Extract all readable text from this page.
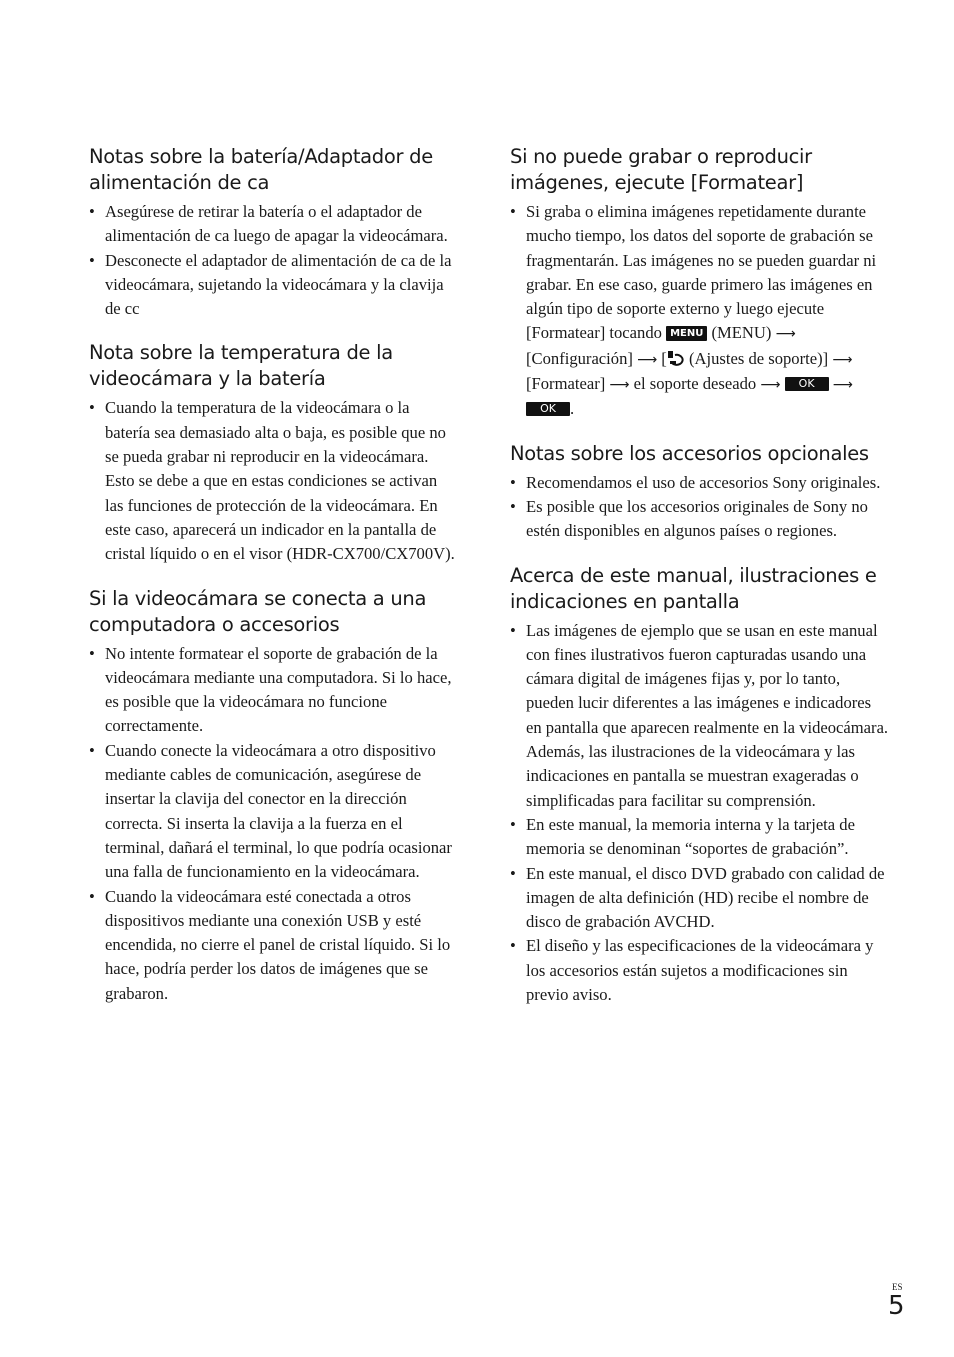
Notas sobre la batería/Adaptador de alimentación de ca
• Asegúrese de retirar la batería o el adaptador de alimentación de ca luego de apagar la videocámara.
• Desconecte el adaptador de alimentación de ca de la videocámara, sujetando la videocámara y la clavija de cc
Nota sobre la temperatura de la videocámara y la batería
• Cuando la temperatura de la videocámara o la batería sea demasiado alta o baja, es posible que no se pueda grabar ni reproducir en la videocámara. Esto se debe a que en estas condiciones se activan las funciones de protección de la videocámara. En este caso, aparecerá un indicador en la pantalla de cristal líquido o en el visor (HDR-CX700/CX700V).
Si la videocámara se conecta a una computadora o accesorios
• No intente formatear el soporte de grabación de la videocámara mediante una computadora. Si lo hace, es posible que la videocámara no funcione correctamente.
• Cuando conecte la videocámara a otro dispositivo mediante cables de comunicación, asegúrese de insertar la clavija del conector en la dirección correcta. Si inserta la clavija a la fuerza en el terminal, dañará el terminal, lo que podría ocasionar una falla de funcionamiento en la videocámara.
• Cuando la videocámara esté conectada a otros dispositivos mediante una conexión USB y esté encendida, no cierre el panel de cristal líquido. Si lo hace, podría perder los datos de imágenes que se grabaron.
Si no puede grabar o reproducir imágenes, ejecute [Formatear]
• Si graba o elimina imágenes repetidamente durante mucho tiempo, los datos del soporte de grabación se fragmentarán. Las imágenes no se pueden guardar ni grabar. En ese caso, guarde primero las imágenes en algún tipo de soporte externo y luego ejecute [Formatear] tocando MENU (MENU) ⟶ [Configuración] ⟶ [ (Ajustes de soporte)] ⟶ [Formatear] ⟶ el soporte deseado ⟶ OK ⟶ OK .
Notas sobre los accesorios opcionales
• Recomendamos el uso de accesorios Sony originales.
• Es posible que los accesorios originales de Sony no estén disponibles en algunos países o regiones.
Acerca de este manual, ilustraciones e indicaciones en pantalla
• Las imágenes de ejemplo que se usan en este manual con fines ilustrativos fueron capturadas usando una cámara digital de imágenes fijas y, por lo tanto, pueden lucir diferentes a las imágenes e indicadores en pantalla que aparecen realmente en la videocámara. Además, las ilustraciones de la videocámara y las indicaciones en pantalla se muestran exageradas o simplificadas para facilitar su comprensión.
• En este manual, la memoria interna y la tarjeta de memoria se denominan “soportes de grabación”.
• En este manual, el disco DVD grabado con calidad de imagen de alta definición (HD) recibe el nombre de disco de grabación AVCHD.
• El diseño y las especificaciones de la videocámara y los accesorios están sujetos a modificaciones sin previo aviso.
ES
5
